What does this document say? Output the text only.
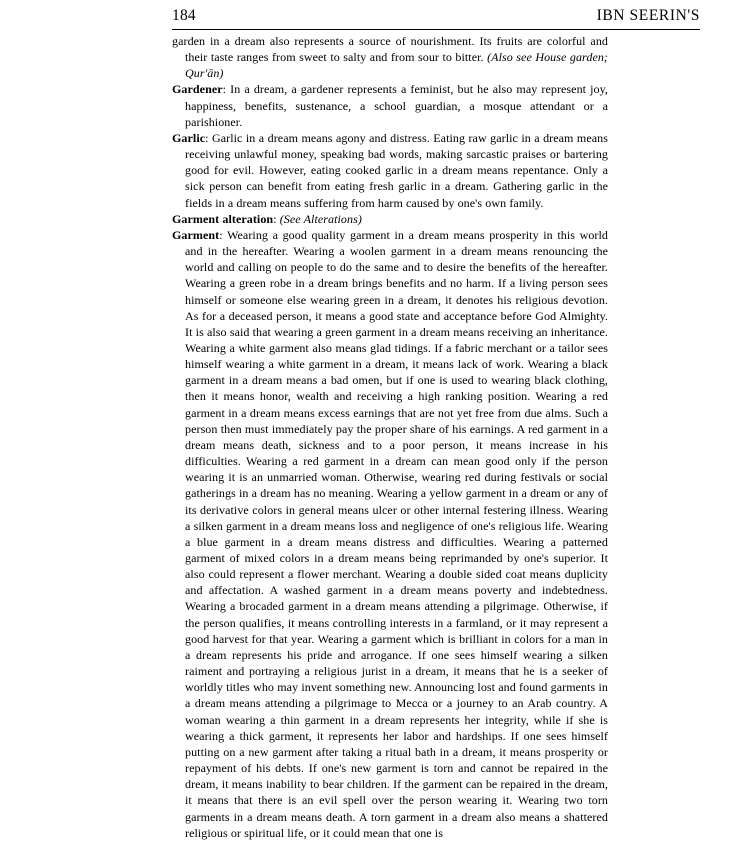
184	IBN SEERIN'S

garden in a dream also represents a source of nourishment. Its fruits are colorful and their taste ranges from sweet to salty and from sour to bitter. (Also see House garden; Qur'ān)

Gardener: In a dream, a gardener represents a feminist, but he also may represent joy, happiness, benefits, sustenance, a school guardian, a mosque attendant or a parishioner.

Garlic: Garlic in a dream means agony and distress. Eating raw garlic in a dream means receiving unlawful money, speaking bad words, making sarcastic praises or bartering good for evil. However, eating cooked garlic in a dream means repentance. Only a sick person can benefit from eating fresh garlic in a dream. Gathering garlic in the fields in a dream means suffering from harm caused by one's own family.

Garment alteration: (See Alterations)

Garment: Wearing a good quality garment in a dream means prosperity in this world and in the hereafter. Wearing a woolen garment in a dream means renouncing the world and calling on people to do the same and to desire the benefits of the hereafter. Wearing a green robe in a dream brings benefits and no harm. If a living person sees himself or someone else wearing green in a dream, it denotes his religious devotion. As for a deceased person, it means a good state and acceptance before God Almighty. It is also said that wearing a green garment in a dream means receiving an inheritance. Wearing a white garment also means glad tidings. If a fabric merchant or a tailor sees himself wearing a white garment in a dream, it means lack of work. Wearing a black garment in a dream means a bad omen, but if one is used to wearing black clothing, then it means honor, wealth and receiving a high ranking position. Wearing a red garment in a dream means excess earnings that are not yet free from due alms. Such a person then must immediately pay the proper share of his earnings. A red garment in a dream means death, sickness and to a poor person, it means increase in his difficulties. Wearing a red garment in a dream can mean good only if the person wearing it is an unmarried woman. Otherwise, wearing red during festivals or social gatherings in a dream has no meaning. Wearing a yellow garment in a dream or any of its derivative colors in general means ulcer or other internal festering illness. Wearing a silken garment in a dream means loss and negligence of one's religious life. Wearing a blue garment in a dream means distress and difficulties. Wearing a patterned garment of mixed colors in a dream means being reprimanded by one's superior. It also could represent a flower merchant. Wearing a double sided coat means duplicity and affectation. A washed garment in a dream means poverty and indebtedness. Wearing a brocaded garment in a dream means attending a pilgrimage. Otherwise, if the person qualifies, it means controlling interests in a farmland, or it may represent a good harvest for that year. Wearing a garment which is brilliant in colors for a man in a dream represents his pride and arrogance. If one sees himself wearing a silken raiment and portraying a religious jurist in a dream, it means that he is a seeker of worldly titles who may invent something new. Announcing lost and found garments in a dream means attending a pilgrimage to Mecca or a journey to an Arab country. A woman wearing a thin garment in a dream represents her integrity, while if she is wearing a thick garment, it represents her labor and hardships. If one sees himself putting on a new garment after taking a ritual bath in a dream, it means prosperity or repayment of his debts. If one's new garment is torn and cannot be repaired in the dream, it means inability to bear children. If the garment can be repaired in the dream, it means that there is an evil spell over the person wearing it. Wearing two torn garments in a dream means death. A torn garment in a dream also means a shattered religious or spiritual life, or it could mean that one is
